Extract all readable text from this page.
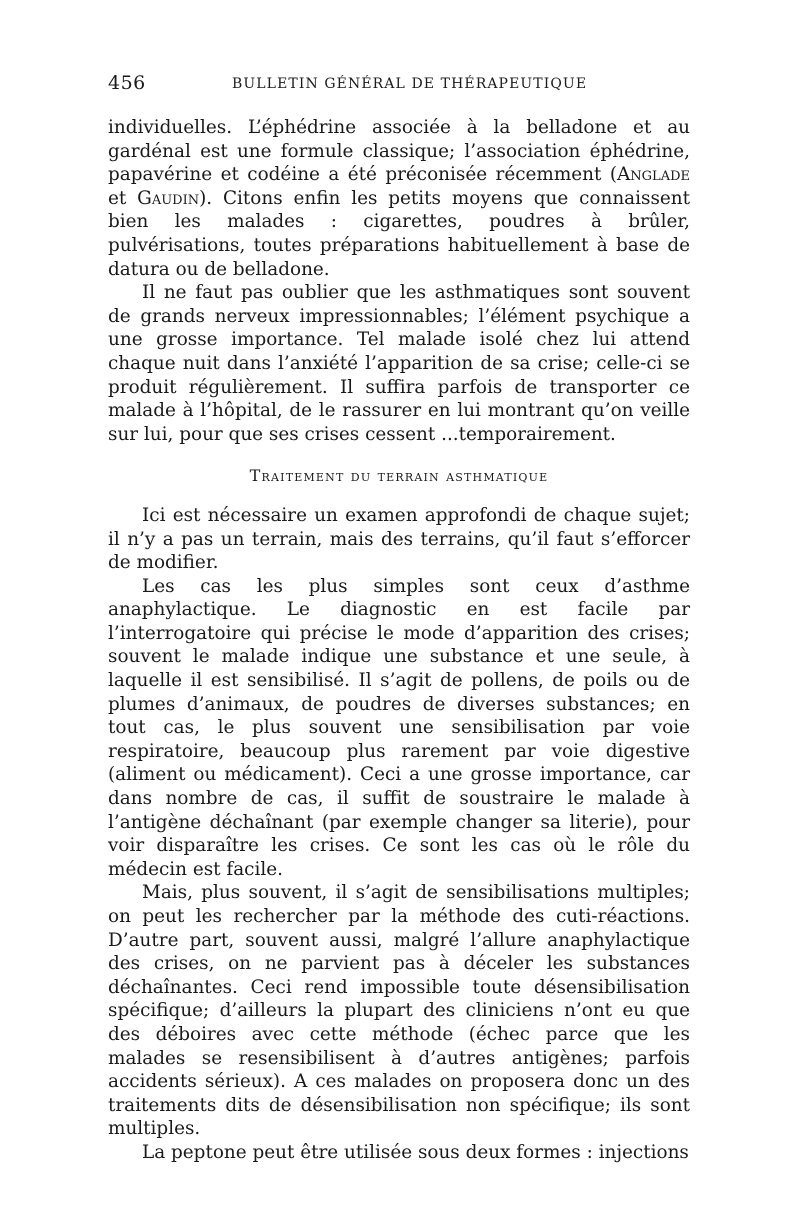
456	BULLETIN GÉNÉRAL DE THÉRAPEUTIQUE

individuelles. L’éphédrine associée à la belladone et au gardénal est une formule classique; l’association éphédrine, papavérine et codéine a été préconisée récemment (Anglade et Gaudin). Citons enfin les petits moyens que connaissent bien les malades : cigarettes, poudres à brûler, pulvérisations, toutes préparations habituellement à base de datura ou de belladone.

Il ne faut pas oublier que les asthmatiques sont souvent de grands nerveux impressionnables; l’élément psychique a une grosse importance. Tel malade isolé chez lui attend chaque nuit dans l’anxiété l’apparition de sa crise; celle-ci se produit régulièrement. Il suffira parfois de transporter ce malade à l’hôpital, de le rassurer en lui montrant qu’on veille sur lui, pour que ses crises cessent ...temporairement.

Traitement du terrain asthmatique

Ici est nécessaire un examen approfondi de chaque sujet; il n’y a pas un terrain, mais des terrains, qu’il faut s’efforcer de modifier.

Les cas les plus simples sont ceux d’asthme anaphylactique. Le diagnostic en est facile par l’interrogatoire qui précise le mode d’apparition des crises; souvent le malade indique une substance et une seule, à laquelle il est sensibilisé. Il s’agit de pollens, de poils ou de plumes d’animaux, de poudres de diverses substances; en tout cas, le plus souvent une sensibilisation par voie respiratoire, beaucoup plus rarement par voie digestive (aliment ou médicament). Ceci a une grosse importance, car dans nombre de cas, il suffit de soustraire le malade à l’antigène déchaînant (par exemple changer sa literie), pour voir disparaître les crises. Ce sont les cas où le rôle du médecin est facile.

Mais, plus souvent, il s’agit de sensibilisations multiples; on peut les rechercher par la méthode des cuti-réactions. D’autre part, souvent aussi, malgré l’allure anaphylactique des crises, on ne parvient pas à déceler les substances déchaînantes. Ceci rend impossible toute désensibilisation spécifique; d’ailleurs la plupart des cliniciens n’ont eu que des déboires avec cette méthode (échec parce que les malades se resensibilisent à d’autres antigènes; parfois accidents sérieux). A ces malades on proposera donc un des traitements dits de désensibilisation non spécifique; ils sont multiples.

La peptone peut être utilisée sous deux formes : injections
